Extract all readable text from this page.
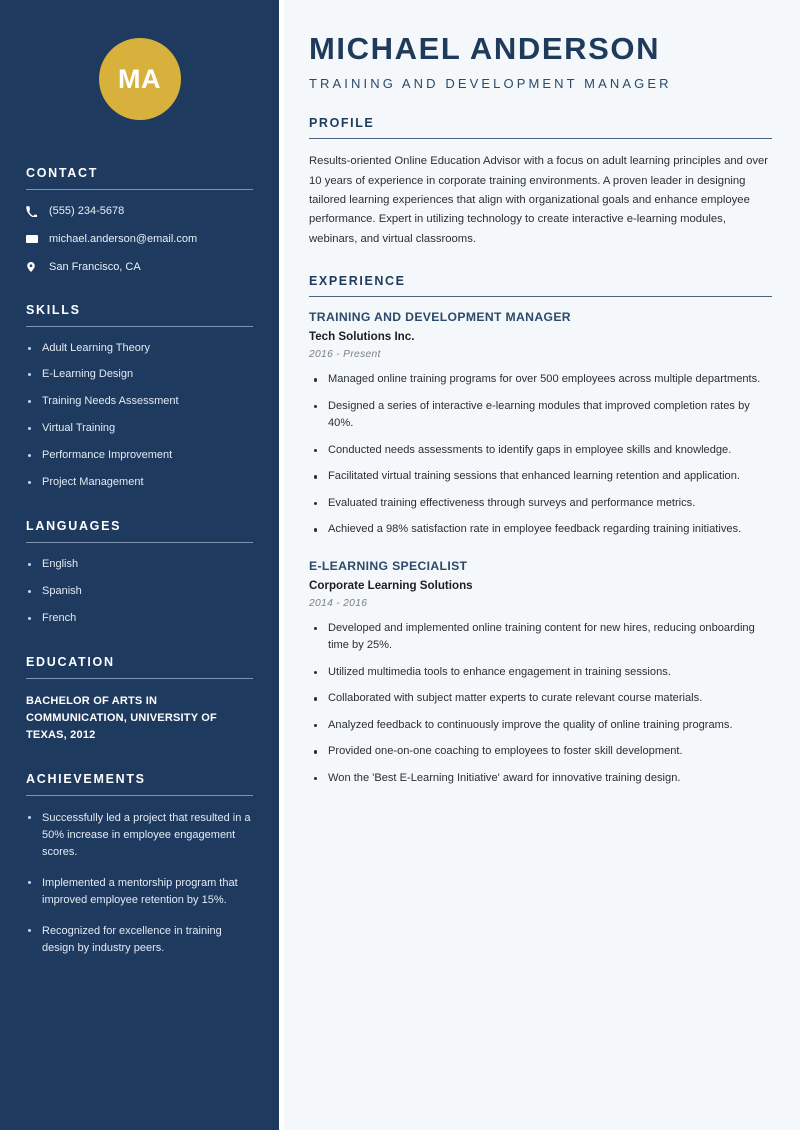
MA
CONTACT
(555) 234-5678
michael.anderson@email.com
San Francisco, CA
SKILLS
Adult Learning Theory
E-Learning Design
Training Needs Assessment
Virtual Training
Performance Improvement
Project Management
LANGUAGES
English
Spanish
French
EDUCATION
BACHELOR OF ARTS IN COMMUNICATION, UNIVERSITY OF TEXAS, 2012
ACHIEVEMENTS
Successfully led a project that resulted in a 50% increase in employee engagement scores.
Implemented a mentorship program that improved employee retention by 15%.
Recognized for excellence in training design by industry peers.
MICHAEL ANDERSON
TRAINING AND DEVELOPMENT MANAGER
PROFILE

Results-oriented Online Education Advisor with a focus on adult learning principles and over 10 years of experience in corporate training environments. A proven leader in designing tailored learning experiences that align with organizational goals and enhance employee performance. Expert in utilizing technology to create interactive e-learning modules, webinars, and virtual classrooms.

EXPERIENCE
TRAINING AND DEVELOPMENT MANAGER
Tech Solutions Inc.
2016 - Present
Managed online training programs for over 500 employees across multiple departments.
Designed a series of interactive e-learning modules that improved completion rates by 40%.
Conducted needs assessments to identify gaps in employee skills and knowledge.
Facilitated virtual training sessions that enhanced learning retention and application.
Evaluated training effectiveness through surveys and performance metrics.
Achieved a 98% satisfaction rate in employee feedback regarding training initiatives.
E-LEARNING SPECIALIST
Corporate Learning Solutions
2014 - 2016
Developed and implemented online training content for new hires, reducing onboarding time by 25%.
Utilized multimedia tools to enhance engagement in training sessions.
Collaborated with subject matter experts to curate relevant course materials.
Analyzed feedback to continuously improve the quality of online training programs.
Provided one-on-one coaching to employees to foster skill development.
Won the 'Best E-Learning Initiative' award for innovative training design.
